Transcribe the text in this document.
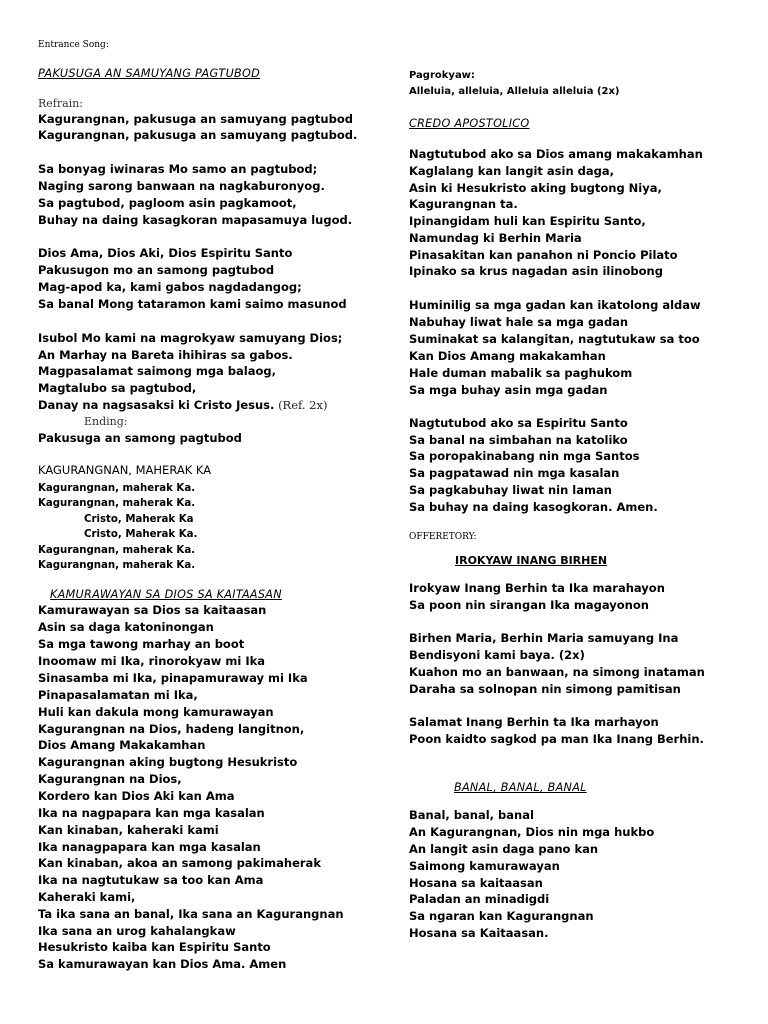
Entrance Song:
PAKUSUGA AN SAMUYANG PAGTUBOD
Refrain:
Kagurangnan, pakusuga an samuyang pagtubod
Kagurangnan, pakusuga an samuyang pagtubod.
Sa bonyag iwinaras Mo samo an pagtubod;
Naging sarong banwaan na nagkaburonyog.
Sa pagtubod, pagloom asin pagkamoot,
Buhay na daing kasagkoran mapasamuya lugod.
Dios Ama, Dios Aki, Dios Espiritu Santo
Pakusugon mo an samong pagtubod
Mag-apod ka, kami gabos nagdadangog;
Sa banal Mong tataramon kami saimo masunod
Isubol Mo kami na magrokyaw samuyang Dios;
An Marhay na Bareta ihihiras sa gabos.
Magpasalamat saimong mga balaog,
Magtalubo sa pagtubod,
Danay na nagsasaksi ki Cristo Jesus. (Ref. 2x)
Ending:
Pakusuga an samong pagtubod
KAGURANGNAN, MAHERAK KA
Kagurangnan, maherak Ka.
Kagurangnan, maherak Ka.
Cristo, Maherak Ka
Cristo, Maherak Ka.
Kagurangnan, maherak Ka.
Kagurangnan, maherak Ka.
KAMURAWAYAN SA DIOS SA KAITAASAN
Kamurawayan sa Dios sa kaitaasan
Asin sa daga katoninongan
Sa mga tawong marhay an boot
Inoomaw mi Ika, rinorokyaw mi Ika
Sinasamba mi Ika, pinapamuraway mi Ika
Pinapasalamatan mi Ika,
Huli kan dakula mong kamurawayan
Kagurangnan na Dios, hadeng langitnon,
Dios Amang Makakamhan
Kagurangnan aking bugtong Hesukristo
Kagurangnan na Dios,
Kordero kan Dios Aki kan Ama
Ika na nagpapara kan mga kasalan
Kan kinaban, kaheraki kami
Ika nanagpapara kan mga kasalan
Kan kinaban, akoa an samong pakimaherak
Ika na nagtutukaw sa too kan Ama
Kaheraki kami,
Ta ika sana an banal, Ika sana an Kagurangnan
Ika sana an urog kahalangkaw
Hesukristo kaiba kan Espiritu Santo
Sa kamurawayan kan Dios Ama. Amen
Pagrokyaw:
Alleluia, alleluia, Alleluia alleluia (2x)
CREDO APOSTOLICO
Nagtutubod ako sa Dios amang makakamhan
Kaglalang kan langit asin daga,
Asin ki Hesukristo aking bugtong Niya,
Kagurangnan ta.
Ipinangidam huli kan Espiritu Santo,
Namundag ki Berhin Maria
Pinasakitan kan panahon ni Poncio Pilato
Ipinako sa krus nagadan asin ilinobong
Huminilig sa mga gadan kan ikatolong aldaw
Nabuhay liwat hale sa mga gadan
Suminakat sa kalangitan, nagtutukaw sa too
Kan Dios Amang makakamhan
Hale duman mabalik sa paghukom
Sa mga buhay asin mga gadan
Nagtutubod ako sa Espiritu Santo
Sa banal na simbahan na katoliko
Sa poropakinabang nin mga Santos
Sa pagpatawad nin mga kasalan
Sa pagkabuhay liwat nin laman
Sa buhay na daing kasogkoran. Amen.
OFFERETORY:
IROKYAW INANG BIRHEN
Irokyaw Inang Berhin ta Ika marahayon
Sa poon nin sirangan Ika magayonon
Birhen Maria, Berhin Maria samuyang Ina
Bendisyoni kami baya. (2x)
Kuahon mo an banwaan, na simong inataman
Daraha sa solnopan nin simong pamitisan
Salamat Inang Berhin ta Ika marhayon
Poon kaidto sagkod pa man Ika Inang Berhin.
BANAL, BANAL, BANAL
Banal, banal, banal
An Kagurangnan, Dios nin mga hukbo
An langit asin daga pano kan
Saimong kamurawayan
Hosana sa kaitaasan
Paladan an minadigdi
Sa ngaran kan Kagurangnan
Hosana sa Kaitaasan.
